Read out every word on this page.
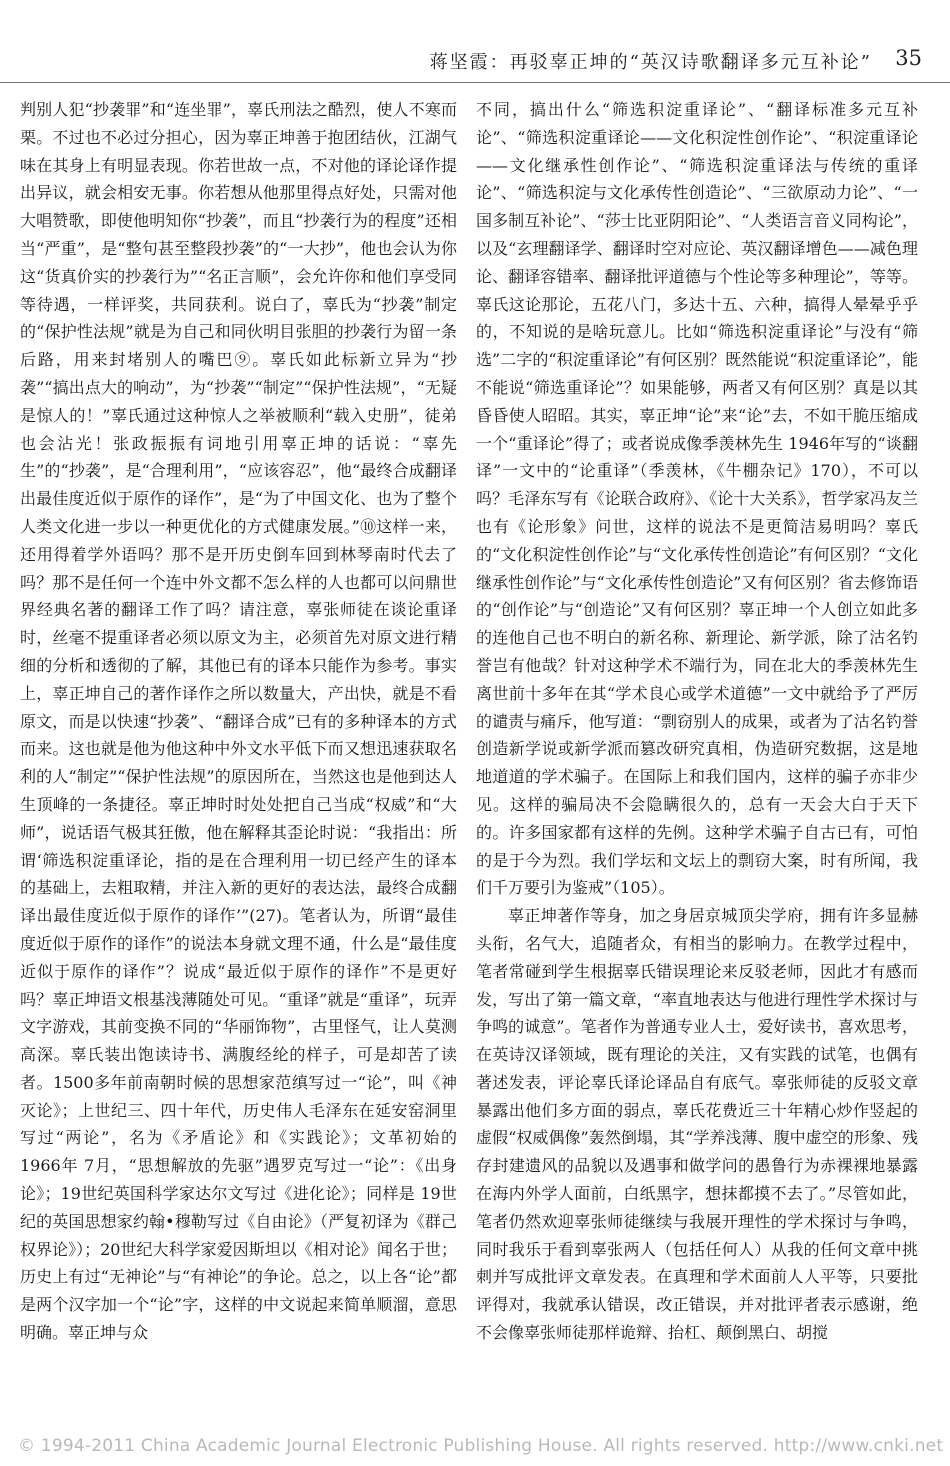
蒋坚霞：再驳辜正坤的“英汉诗歌翻译多元互补论” 35

判别人犯“抄袭罪”和“连坐罪”，辜氏刑法之酷烈，使人不寒而栗。不过也不必过分担心，因为辜正坤善于抱团结伙，江湖气味在其身上有明显表现。你若世故一点，不对他的译论译作提出异议，就会相安无事。你若想从他那里得点好处，只需对他大唱赞歌，即使他明知你“抄袭”，而且“抄袭行为的程度”还相当“严重”，是“整句甚至整段抄袭”的“一大抄”，他也会认为你这“货真价实的抄袭行为”“名正言顺”，会允许你和他们享受同等待遇，一样评奖，共同获利。说白了，辜氏为“抄袭”制定的“保护性法规”就是为自己和同伙明目张胆的抄袭行为留一条后路，用来封堵别人的嘴巴⑨。辜氏如此标新立异为“抄袭”“搞出点大的响动”，为“抄袭”“制定”“保护性法规”，“无疑是惊人的！”辜氏通过这种惊人之举被顺利“载入史册”，徒弟也会沾光！张政振振有词地引用辜正坤的话说：“辜先生”的“抄袭”，是“合理利用”，“应该容忍”，他“最终合成翻译出最佳度近似于原作的译作”，是“为了中国文化、也为了整个人类文化进一步以一种更优化的方式健康发展。”⑩这样一来，还用得着学外语吗？那不是开历史倒车回到林琴南时代去了吗？那不是任何一个连中外文都不怎么样的人也都可以问鼎世界经典名著的翻译工作了吗？请注意，辜张师徒在谈论重译时，丝毫不提重译者必须以原文为主，必须首先对原文进行精细的分析和透彻的了解，其他已有的译本只能作为参考。事实上，辜正坤自己的著作译作之所以数量大，产出快，就是不看原文，而是以快速“抄袭”、“翻译合成”已有的多种译本的方式而来。这也就是他为他这种中外文水平低下而又想迅速获取名利的人“制定”“保护性法规”的原因所在，当然这也是他到达人生顶峰的一条捷径。辜正坤时时处处把自己当成“权威”和“大师”，说话语气极其狂傲，他在解释其歪论时说：“我指出：所谓‘筛选积淀重译论，指的是在合理利用一切已经产生的译本的基础上，去粗取精，并注入新的更好的表达法，最终合成翻译出最佳度近似于原作的译作’”(27)。笔者认为，所谓“最佳度近似于原作的译作”的说法本身就文理不通，什么是“最佳度近似于原作的译作”？说成“最近似于原作的译作”不是更好吗？辜正坤语文根基浅薄随处可见。“重译”就是“重译”，玩弄文字游戏，其前变换不同的“华丽饰物”，古里怪气，让人莫测高深。辜氏装出饱读诗书、满腹经纶的样子，可是却苦了读者。1500多年前南朝时候的思想家范缜写过一“论”，叫《神灭论》；上世纪三、四十年代，历史伟人毛泽东在延安窑洞里写过“两论”，名为《矛盾论》和《实践论》；文革初始的 1966年 7月，“思想解放的先驱”遇罗克写过一“论”：《出身论》；19世纪英国科学家达尔文写过《进化论》；同样是 19世纪的英国思想家约翰•穆勒写过《自由论》（严复初译为《群己权界论》）；20世纪大科学家爱因斯坦以《相对论》闻名于世；历史上有过“无神论”与“有神论”的争论。总之，以上各“论”都是两个汉字加一个“论”字，这样的中文说起来简单顺溜，意思明确。辜正坤与众

不同，搞出什么“筛选积淀重译论”、“翻译标准多元互补论”、“筛选积淀重译论——文化积淀性创作论”、“积淀重译论——文化继承性创作论”、“筛选积淀重译法与传统的重译论”、“筛选积淀与文化承传性创造论”、“三欲原动力论”、“一国多制互补论”、“莎士比亚阴阳论”、“人类语言音义同构论”，以及“玄理翻译学、翻译时空对应论、英汉翻译增色——减色理论、翻译容错率、翻译批评道德与个性论等多种理论”，等等。辜氏这论那论，五花八门，多达十五、六种，搞得人晕晕乎乎的，不知说的是啥玩意儿。比如“筛选积淀重译论”与没有“筛选”二字的“积淀重译论”有何区别？既然能说“积淀重译论”，能不能说“筛选重译论”？如果能够，两者又有何区别？真是以其昏昏使人昭昭。其实，辜正坤“论”来“论”去，不如干脆压缩成一个“重译论”得了；或者说成像季羡林先生 1946年写的“谈翻译”一文中的“论重译”（季羡林，《牛棚杂记》170），不可以吗？毛泽东写有《论联合政府》、《论十大关系》，哲学家冯友兰也有《论形象》问世，这样的说法不是更简洁易明吗？辜氏的“文化积淀性创作论”与“文化承传性创造论”有何区别？“文化继承性创作论”与“文化承传性创造论”又有何区别？省去修饰语的“创作论”与“创造论”又有何区别？辜正坤一个人创立如此多的连他自己也不明白的新名称、新理论、新学派，除了沽名钓誉岂有他哉？针对这种学术不端行为，同在北大的季羡林先生离世前十多年在其“学术良心或学术道德”一文中就给予了严厉的谴责与痛斥，他写道：“剽窃别人的成果，或者为了沽名钓誉创造新学说或新学派而篡改研究真相，伪造研究数据，这是地地道道的学术骗子。在国际上和我们国内，这样的骗子亦非少见。这样的骗局决不会隐瞒很久的，总有一天会大白于天下的。许多国家都有这样的先例。这种学术骗子自古已有，可怕的是于今为烈。我们学坛和文坛上的剽窃大案，时有所闻，我们千万要引为鉴戒”（105）。

辜正坤著作等身，加之身居京城顶尖学府，拥有许多显赫头衔，名气大，追随者众，有相当的影响力。在教学过程中，笔者常碰到学生根据辜氏错误理论来反驳老师，因此才有感而发，写出了第一篇文章，“率直地表达与他进行理性学术探讨与争鸣的诚意”。笔者作为普通专业人士，爱好读书，喜欢思考，在英诗汉译领域，既有理论的关注，又有实践的试笔，也偶有著述发表，评论辜氏译论译品自有底气。辜张师徒的反驳文章暴露出他们多方面的弱点，辜氏花费近三十年精心炒作竖起的虚假“权威偶像”轰然倒塌，其“学养浅薄、腹中虚空的形象、残存封建遗风的品貌以及遇事和做学问的愚鲁行为赤裸裸地暴露在海内外学人面前，白纸黑字，想抹都摸不去了。”尽管如此，笔者仍然欢迎辜张师徒继续与我展开理性的学术探讨与争鸣，同时我乐于看到辜张两人（包括任何人）从我的任何文章中挑刺并写成批评文章发表。在真理和学术面前人人平等，只要批评得对，我就承认错误，改正错误，并对批评者表示感谢，绝不会像辜张师徒那样诡辩、抬杠、颠倒黑白、胡搅

© 1994-2011 China Academic Journal Electronic Publishing House. All rights reserved. http://www.cnki.net
